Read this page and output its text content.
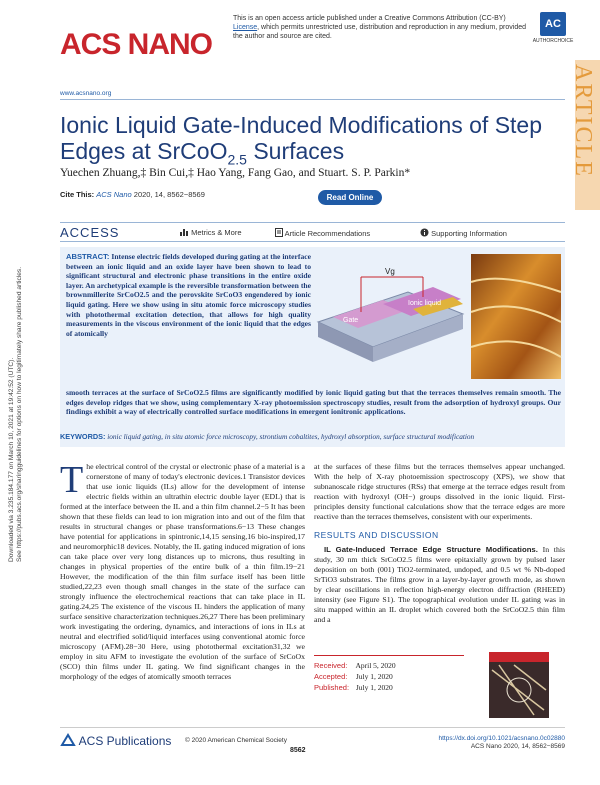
ACS NANO
This is an open access article published under a Creative Commons Attribution (CC-BY) License, which permits unrestricted use, distribution and reproduction in any medium, provided the author and source are cited.
AC
AUTHORCHOICE
ARTICLE
www.acsnano.org
Ionic Liquid Gate-Induced Modifications of Step Edges at SrCoO$_{2.5}$ Surfaces
Yuechen Zhuang,‡ Bin Cui,‡ Hao Yang, Fang Gao, and Stuart. S. P. Parkin*
Cite This: ACS Nano 2020, 14, 8562−8569	Read Online
ACCESS	Metrics & More	Article Recommendations	Supporting Information
ABSTRACT: Intense electric fields developed during gating at the interface between an ionic liquid and an oxide layer have been shown to lead to significant structural and electronic phase transitions in the entire oxide layer. An archetypical example is the reversible transformation between the brownmillerite SrCoO2.5 and the perovskite SrCoO3 engendered by ionic liquid gating. Here we show using in situ atomic force microscopy studies with photothermal excitation detection, that allows for high quality measurements in the viscous environment of the ionic liquid that the edges of atomically
Vg
Gate
Ionic liquid
smooth terraces at the surface of SrCoO2.5 films are significantly modified by ionic liquid gating but that the terraces themselves remain smooth. The edges develop ridges that we show, using complementary X-ray photoemission spectroscopy studies, result from the adsorption of hydroxyl groups. Our findings exhibit a way of electrically controlled surface modifications in emergent ionitronic applications.
KEYWORDS: ionic liquid gating, in situ atomic force microscopy, strontium cobaltites, hydroxyl absorption, surface structural modification
The electrical control of the crystal or electronic phase of a material is a cornerstone of many of today's electronic devices.1 Transistor devices that use ionic liquids (ILs) allow for the development of intense electric fields within an ultrathin electric double layer (EDL) that is formed at the interface between the IL and a thin film channel.2−5 It has been shown that these fields can lead to ion migration into and out of the film that results in structural changes or phase transformations.6−13 These changes have potential for applications in spintronic,14,15 sensing,16 bio-inspired,17 and neuromorphic18 devices. Notably, the IL gating induced migration of ions can take place over very long distances up to microns, thus resulting in changes in physical properties of the entire bulk of a thin film.19−21 However, the modification of the thin film surface itself has been little studied,22,23 even though small changes in the state of the surface can strongly influence the electrochemical reactions that can take place in IL gating.24,25 The existence of the viscous IL hinders the application of many surface sensitive characterization techniques.26,27 There has been preliminary work investigating the ordering, dynamics, and interactions of ions in ILs at neutral and electrified solid/liquid interfaces using conventional atomic force microscopy (AFM).28−30 Here, using photothermal excitation31,32 we employ in situ AFM to investigate the evolution of the surface of SrCoOx (SCO) thin films under IL gating. We find significant changes in the morphology of the edges of atomically smooth terraces
at the surfaces of these films but the terraces themselves appear unchanged. With the help of X-ray photoemission spectroscopy (XPS), we show that subnanoscale ridge structures (RSs) that emerge at the terrace edges result from reaction with hydroxyl (OH−) groups dissolved in the ionic liquid. First-principles density functional calculations show that the terrace edges are more reactive than the terraces themselves, consistent with our experiments.
RESULTS AND DISCUSSION
IL Gate-Induced Terrace Edge Structure Modifications. In this study, 30 nm thick SrCoO2.5 films were epitaxially grown by pulsed laser deposition on both (001) TiO2-terminated, undoped, and 0.5 wt % Nb-doped SrTiO3 substrates. The films grow in a layer-by-layer growth mode, as shown by clear oscillations in reflection high-energy electron diffraction (RHEED) intensity (see Figure S1). The topographical evolution under IL gating was in situ mapped within an IL droplet which covered both the SrCoO2.5 thin film and a
Received: April 5, 2020
Accepted: July 1, 2020
Published: July 1, 2020
ACS Publications © 2020 American Chemical Society
8562
https://dx.doi.org/10.1021/acsnano.0c02880
ACS Nano 2020, 14, 8562−8569
Downloaded via 3.235.184.177 on March 10, 2021 at 19:42:52 (UTC). See https://pubs.acs.org/sharingguidelines for options on how to legitimately share published articles.
